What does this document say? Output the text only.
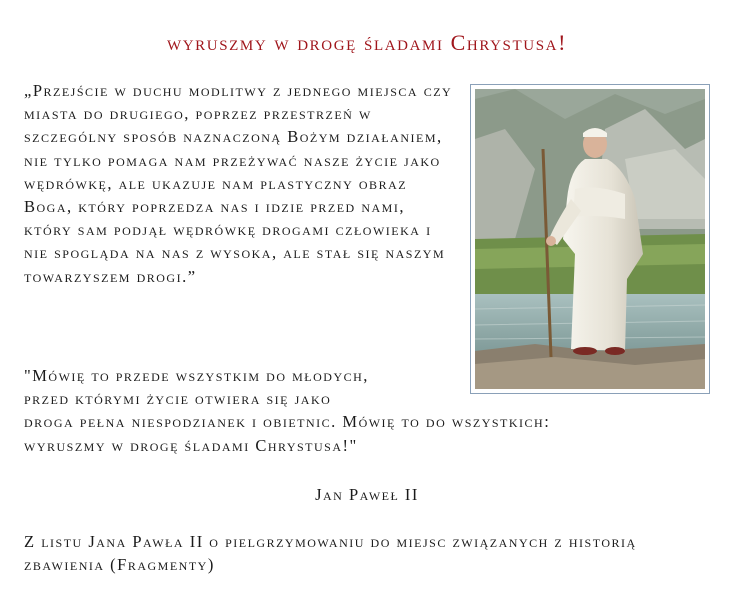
wyruszmy w drogę śladami Chrystusa!

„Przejście w duchu modlitwy z jednego miejsca czy miasta do drugiego, poprzez przestrzeń w szczególny sposób naznaczoną Bożym działaniem, nie tylko pomaga nam przeżywać nasze życie jako wędrówkę, ale ukazuje nam plastyczny obraz Boga, który poprzedza nas i idzie przed nami, który sam podjął wędrówkę drogami człowieka i nie spogląda na nas z wysoka, ale stał się naszym towarzyszem drogi.”

"Mówię to przede wszystkim do młodych,
przed którymi życie otwiera się jako
droga pełna niespodzianek i obietnic. Mówię to do wszystkich:
wyruszmy w drogę śladami Chrystusa!"
Jan Paweł II

Z listu Jana Pawła II o pielgrzymowaniu do miejsc związanych z historią zbawienia (Fragmenty)
